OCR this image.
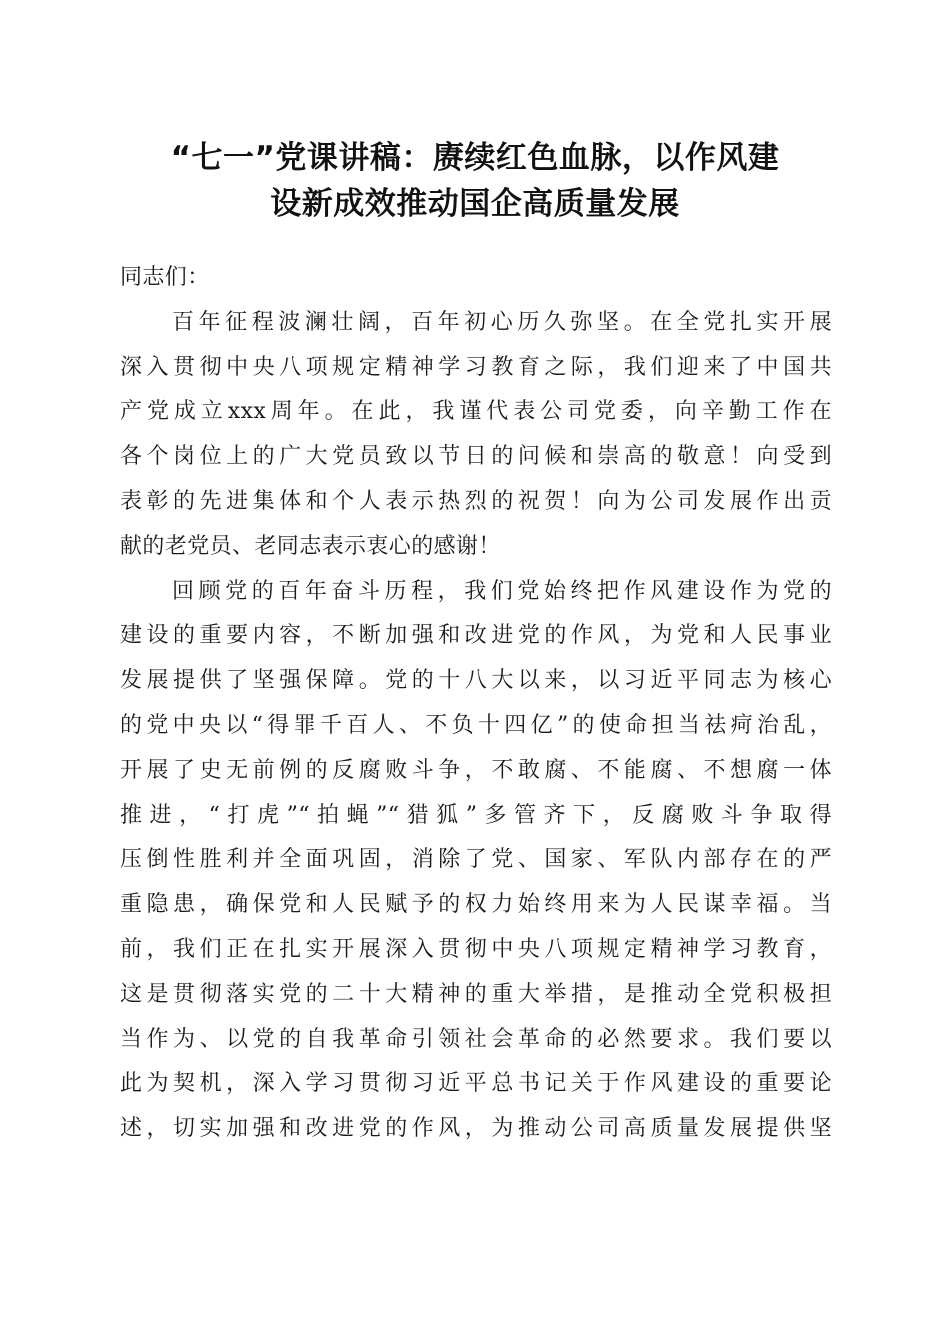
“七一”党课讲稿：赓续红色血脉，以作风建
设新成效推动国企高质量发展
同志们：
百年征程波澜壮阔，百年初心历久弥坚。在全党扎实开展
深入贯彻中央八项规定精神学习教育之际，我们迎来了中国共
产党成立xxx周年。在此，我谨代表公司党委，向辛勤工作在
各个岗位上的广大党员致以节日的问候和崇高的敬意！向受到
表彰的先进集体和个人表示热烈的祝贺！向为公司发展作出贡
献的老党员、老同志表示衷心的感谢！
回顾党的百年奋斗历程，我们党始终把作风建设作为党的
建设的重要内容，不断加强和改进党的作风，为党和人民事业
发展提供了坚强保障。党的十八大以来，以习近平同志为核心
的党中央以“得罪千百人、不负十四亿”的使命担当祛疴治乱，
开展了史无前例的反腐败斗争，不敢腐、不能腐、不想腐一体
推进，“打虎”“拍蝇”“猎狐”多管齐下，反腐败斗争取得
压倒性胜利并全面巩固，消除了党、国家、军队内部存在的严
重隐患，确保党和人民赋予的权力始终用来为人民谋幸福。当
前，我们正在扎实开展深入贯彻中央八项规定精神学习教育，
这是贯彻落实党的二十大精神的重大举措，是推动全党积极担
当作为、以党的自我革命引领社会革命的必然要求。我们要以
此为契机，深入学习贯彻习近平总书记关于作风建设的重要论
述，切实加强和改进党的作风，为推动公司高质量发展提供坚
